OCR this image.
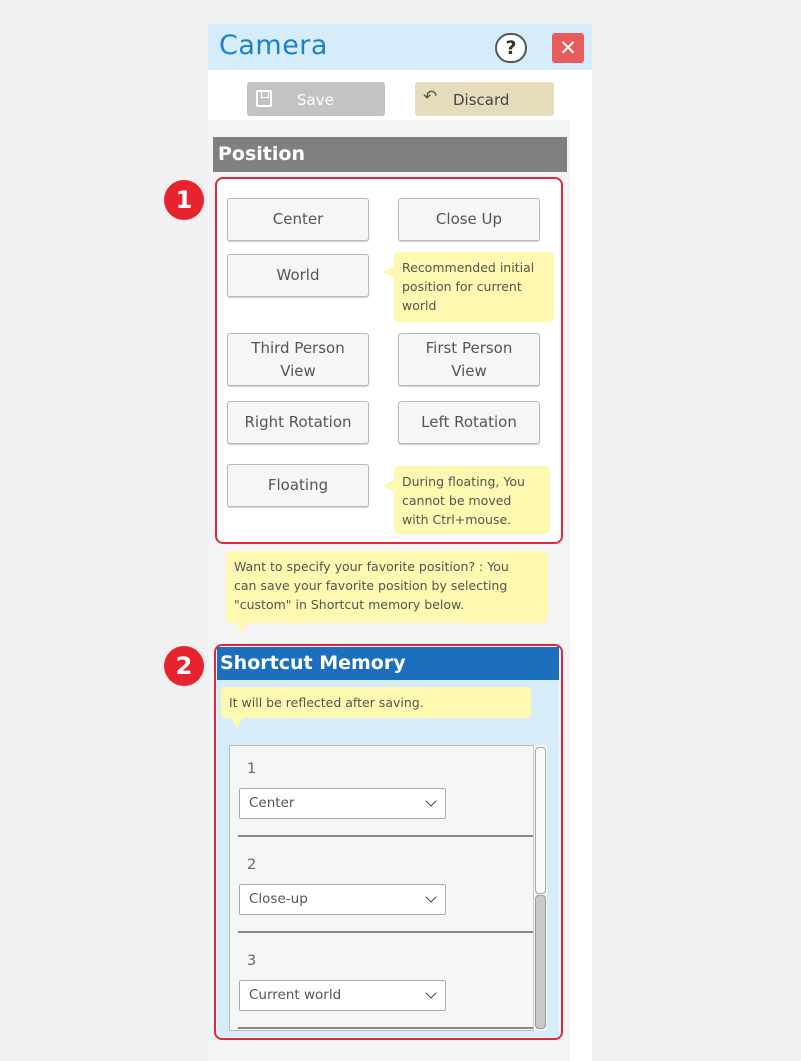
Camera	?	✕
Save	↶ Discard
Position
1
Center	Close Up
World	Recommended initial
position for current
world
Third Person
View
First Person
View
Right Rotation	Left Rotation
Floating	During floating, You
cannot be moved
with Ctrl+mouse.
Want to specify your favorite position? : You
can save your favorite position by selecting
"custom" in Shortcut memory below.
Shortcut Memory
2
It will be reflected after saving.
1
Center
2
Close-up
3
Current world
